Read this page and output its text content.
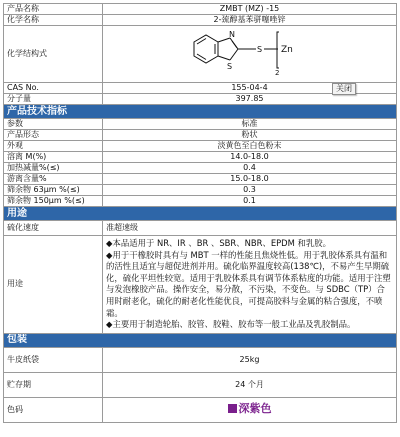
产品名称	ZMBT (MZ) -15
化学名称	2-巯醇基苯骈噻唑锌
化学结构式	N
S
S Zn
2

CAS No.	155-04-4
分子量	397.85
产品技术指标	
参数	标准
产品形态	粉状
外观	淡黄色至白色粉末
溶离 M(%)	14.0-18.0
加热减量%(≤)	0.4
游离含量%	15.0-18.0
筛余物 63μm %(≤)	0.3
筛余物 150μm %(≤)	0.1
用途	
硫化速度	准超速级
用途	◆本品适用于 NR、IR 、BR 、SBR、NBR、EPDM 和乳胶。

◆用于干橡胶时具有与 MBT 一样的性能且焦烧性低。用于乳胶体系具有温和的活性且适宜与超促进剂并用。硫化临界温度较高(138℃)，不易产生早期硫化，硫化平坦性较宽。适用于乳胶体系具有调节体系粘度的功能。适用于注塑与发泡橡胶产品。操作安全，易分散，不污染，不变色。与 SDBC（TP）合用时耐老化，硫化的耐老化性能优良，可提高胶料与金属的粘合强度，不喷霜。

◆主要用于制造轮胎、胶管、胶鞋、胶布等一般工业品及乳胶制品。

包装	
牛皮纸袋	25kg
贮存期	24 个月
色码	深紫色
关闭
